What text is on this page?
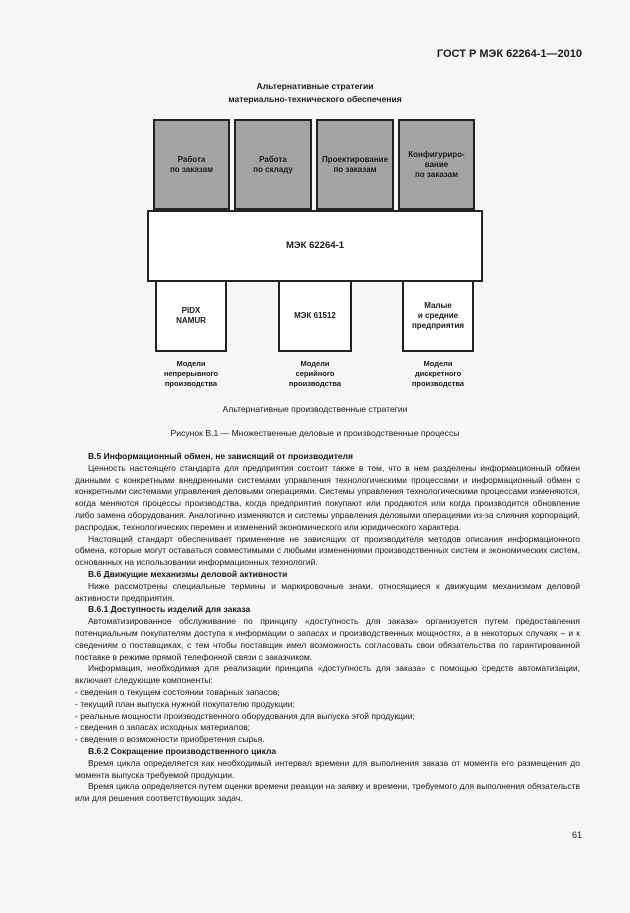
ГОСТ Р МЭК 62264-1—2010
Альтернативные стратегии
материально-технического обеспечения
Работа
по заказам
Работа
по складу
Проектирование
по заказам
Конфигуриро-
вание
по заказам
МЭК 62264-1
PIDX
NAMUR
МЭК 61512
Малые
и средние
предприятия
Модели
непрерывного
производства
Модели
серийного
производства
Модели
дискретного
производства
Альтернативные производственные стратегии
Рисунок B.1 — Множественные деловые и производственные процессы

B.5 Информационный обмен, не зависящий от производителя

Ценность настоящего стандарта для предприятия состоит также в том, что в нем разделены информационный обмен данными с конкретными внедренными системами управления технологическими процессами и информационный обмен с конкретными системами управления деловыми операциями. Системы управления технологическими процессами изменяются, когда меняются процессы производства, когда предприятия покупают или продаются или когда производится обновление либо замена оборудования. Аналогично изменяются и системы управления деловыми операциями из-за слияния корпораций, распродаж, технологических перемен и изменений экономического или юридического характера.

Настоящий стандарт обеспечивает применение не зависящих от производителя методов описания информационного обмена, которые могут оставаться совместимыми с любыми изменениями производственных систем и экономических систем, основанных на использовании информационных технологий.

B.6 Движущие механизмы деловой активности

Ниже рассмотрены специальные термины и маркировочные знаки, относящиеся к движущим механизмам деловой активности предприятия.

B.6.1 Доступность изделий для заказа

Автоматизированное обслуживание по принципу «доступность для заказа» организуется путем предоставления потенциальным покупателям доступа к информации о запасах и производственных мощностях, а в некоторых случаях – и к сведениям о поставщиках, с тем чтобы поставщик имел возможность согласовать свои обязательства по гарантированной поставке в режиме прямой телефонной связи с заказчиком.

Информация, необходимая для реализации принципа «доступность для заказа» с помощью средств автоматизации, включает следующие компоненты:

- сведения о текущем состоянии товарных запасов;

- текущий план выпуска нужной покупателю продукции;

- реальные мощности производственного оборудования для выпуска этой продукции;

- сведения о запасах исходных материалов;

- сведения о возможности приобретения сырья.

B.6.2 Сокращение производственного цикла

Время цикла определяется как необходимый интервал времени для выполнения заказа от момента его размещения до момента выпуска требуемой продукции.

Время цикла определяется путем оценки времени реакции на заявку и времени, требуемого для выполнения обязательств или для решения соответствующих задач.

61
